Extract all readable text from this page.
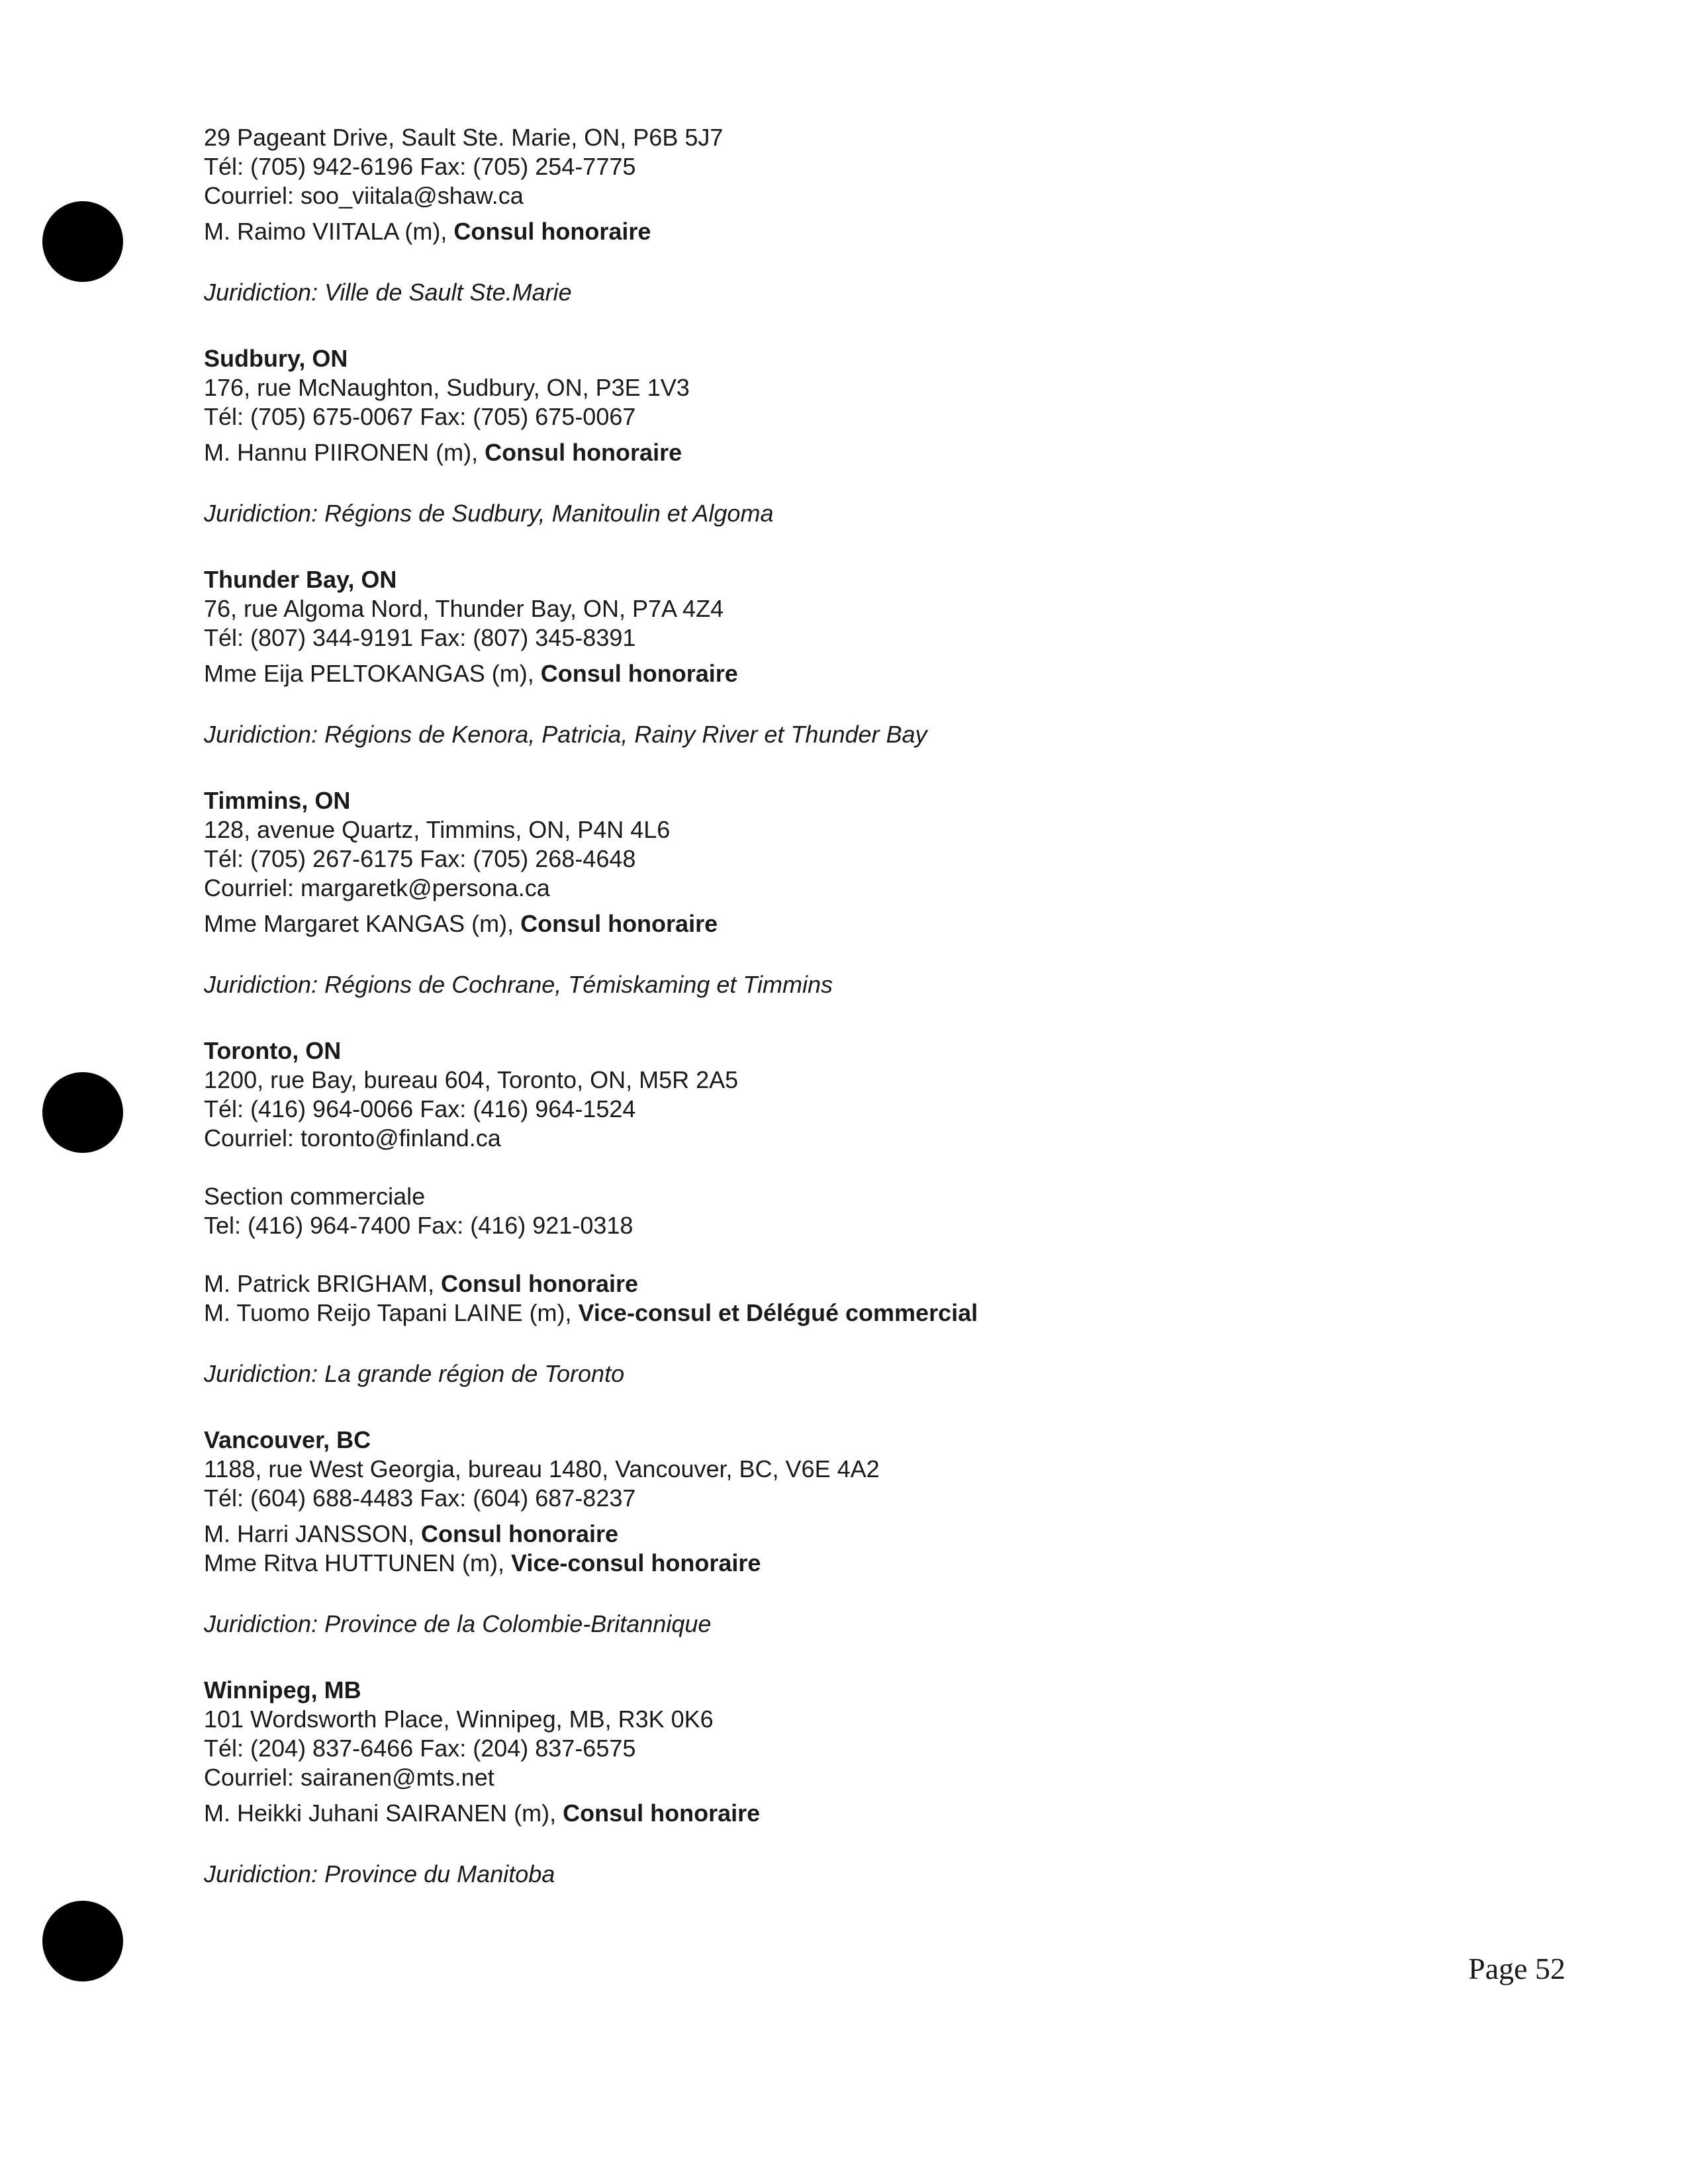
29 Pageant Drive, Sault Ste. Marie, ON, P6B 5J7

Tél: (705) 942-6196 Fax: (705) 254-7775

Courriel: soo_viitala@shaw.ca

M. Raimo VIITALA (m), Consul honoraire

Juridiction: Ville de Sault Ste.Marie

Sudbury, ON

176, rue McNaughton, Sudbury, ON, P3E 1V3

Tél: (705) 675-0067 Fax: (705) 675-0067

M. Hannu PIIRONEN (m), Consul honoraire

Juridiction: Régions de Sudbury, Manitoulin et Algoma

Thunder Bay, ON

76, rue Algoma Nord, Thunder Bay, ON, P7A 4Z4

Tél: (807) 344-9191 Fax: (807) 345-8391

Mme Eija PELTOKANGAS (m), Consul honoraire

Juridiction: Régions de Kenora, Patricia, Rainy River et Thunder Bay

Timmins, ON

128, avenue Quartz, Timmins, ON, P4N 4L6

Tél: (705) 267-6175 Fax: (705) 268-4648

Courriel: margaretk@persona.ca

Mme Margaret KANGAS (m), Consul honoraire

Juridiction: Régions de Cochrane, Témiskaming et Timmins

Toronto, ON

1200, rue Bay, bureau 604, Toronto, ON, M5R 2A5

Tél: (416) 964-0066 Fax: (416) 964-1524

Courriel: toronto@finland.ca

Section commerciale

Tel: (416) 964-7400 Fax: (416) 921-0318

M. Patrick BRIGHAM, Consul honoraire

M. Tuomo Reijo Tapani LAINE (m), Vice-consul et Délégué commercial

Juridiction: La grande région de Toronto

Vancouver, BC

1188, rue West Georgia, bureau 1480, Vancouver, BC, V6E 4A2

Tél: (604) 688-4483 Fax: (604) 687-8237

M. Harri JANSSON, Consul honoraire

Mme Ritva HUTTUNEN (m), Vice-consul honoraire

Juridiction: Province de la Colombie-Britannique

Winnipeg, MB

101 Wordsworth Place, Winnipeg, MB, R3K 0K6

Tél: (204) 837-6466 Fax: (204) 837-6575

Courriel: sairanen@mts.net

M. Heikki Juhani SAIRANEN (m), Consul honoraire

Juridiction: Province du Manitoba

Page 52
